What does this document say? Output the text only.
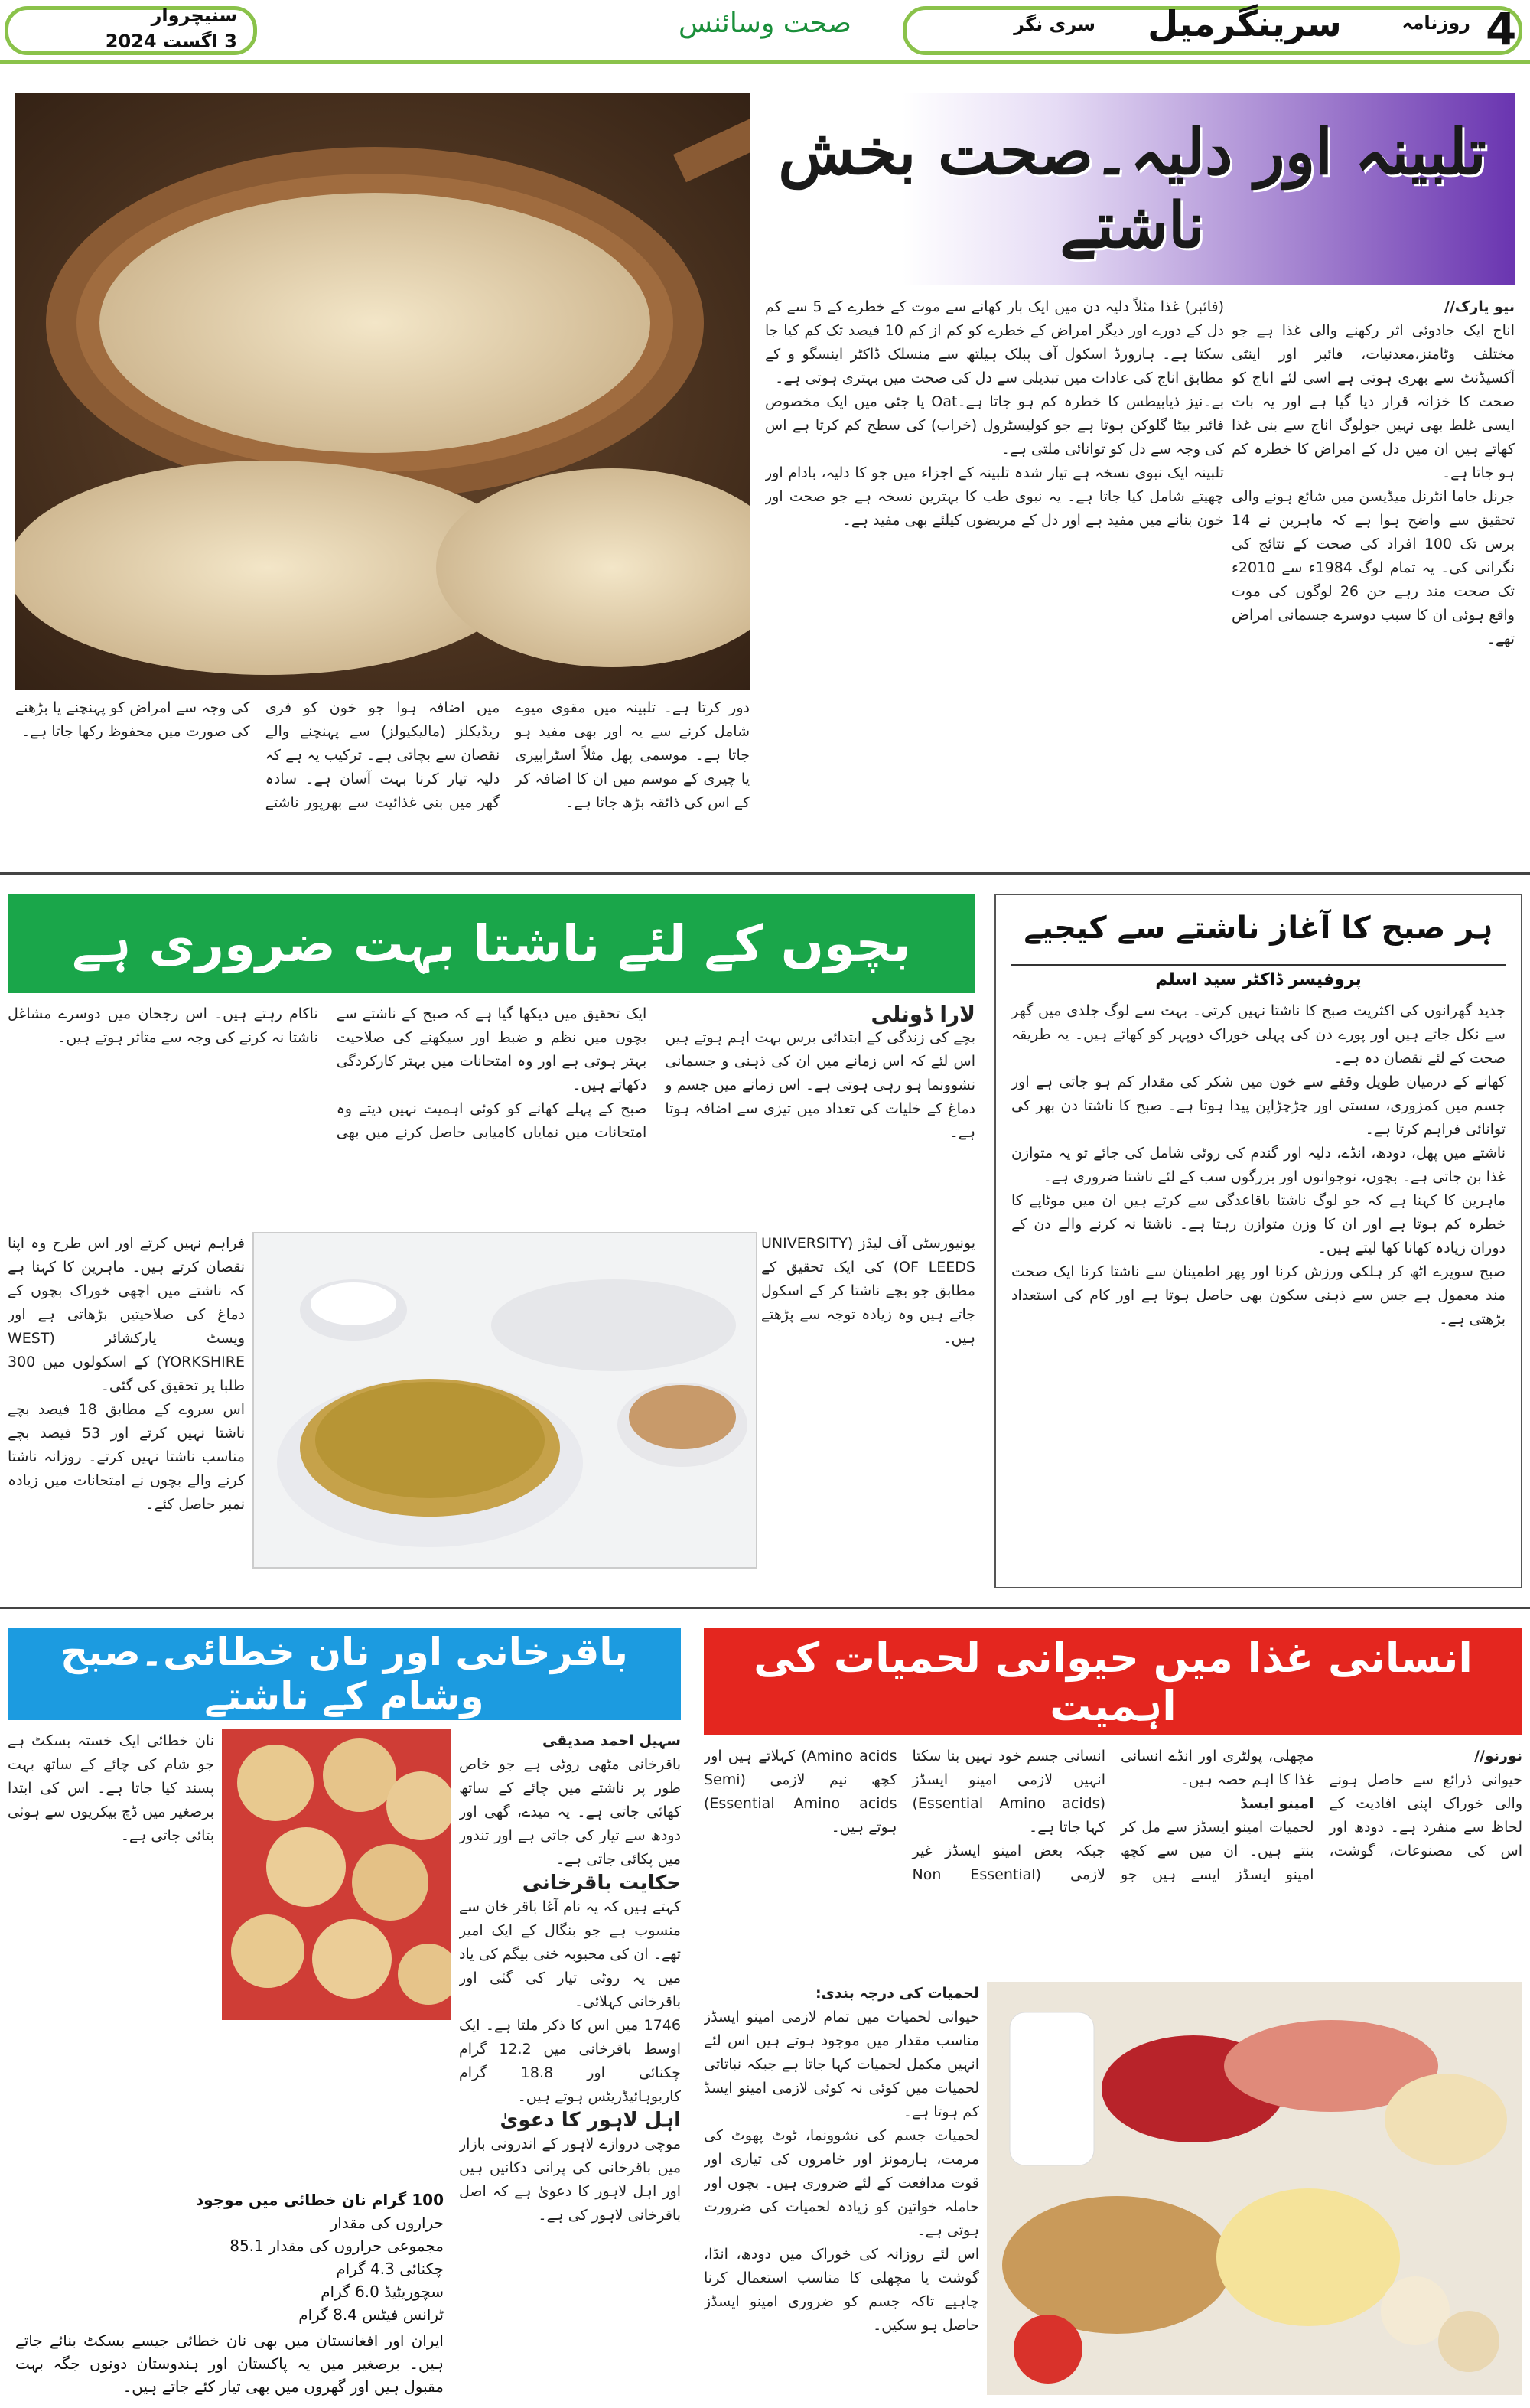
4
روزنامہ
سرینگرمیل
سری نگر
صحت وسائنس
سنیچروار
3 اگست 2024
تلبینہ اور دلیہ۔صحت بخش ناشتے
نیو یارک//
اناج ایک جادوئی اثر رکھنے والی غذا ہے جو مختلف وٹامنز،معدنیات، فائبر اور اینٹی آکسیڈنٹ سے بھری ہوتی ہے اسی لئے اناج کو صحت کا خزانہ قرار دیا گیا ہے اور یہ بات ایسی غلط بھی نہیں جولوگ اناج سے بنی غذا کھاتے ہیں ان میں دل کے امراض کا خطرہ کم ہو جاتا ہے۔
جرنل جاما انٹرنل میڈیسن میں شائع ہونے والی تحقیق سے واضح ہوا ہے کہ ماہرین نے 14 برس تک 100 افراد کی صحت کے نتائج کی نگرانی کی۔ یہ تمام لوگ 1984ء سے 2010ء تک صحت مند رہے جن 26 لوگوں کی موت واقع ہوئی ان کا سبب دوسرے جسمانی امراض تھے۔
(فائبر) غذا مثلاً دلیہ دن میں ایک بار کھانے سے موت کے خطرے کے 5 سے کم دل کے دورے اور دیگر امراض کے خطرے کو کم از کم 10 فیصد تک کم کیا جا سکتا ہے۔ ہارورڈ اسکول آف پبلک ہیلتھ سے منسلک ڈاکٹر اینسگو و کے مطابق اناج کی عادات میں تبدیلی سے دل کی صحت میں بہتری ہوتی ہے۔
بے۔نیز ذیابیطس کا خطرہ کم ہو جاتا ہے۔Oat یا جئی میں ایک مخصوص فائبر بیٹا گلوکن ہوتا ہے جو کولیسٹرول (خراب) کی سطح کم کرتا ہے اس کی وجہ سے دل کو توانائی ملتی ہے۔
تلبینہ ایک نبوی نسخہ ہے تیار شدہ تلبینہ کے اجزاء میں جو کا دلیہ، بادام اور چھیتے شامل کیا جاتا ہے۔ یہ نبوی طب کا بہترین نسخہ ہے جو صحت اور خون بنانے میں مفید ہے اور دل کے مریضوں کیلئے بھی مفید ہے۔
دور کرتا ہے۔ تلبینہ میں مقوی میوے شامل کرنے سے یہ اور بھی مفید ہو جاتا ہے۔ موسمی پھل مثلاً اسٹرابیری یا چیری کے موسم میں ان کا اضافہ کر کے اس کی ذائقہ بڑھ جاتا ہے۔
میں اضافہ ہوا جو خون کو فری ریڈیکلز (مالیکیولز) سے پہنچنے والے نقصان سے بچاتی ہے۔ ترکیب یہ ہے کہ دلیہ تیار کرنا بہت آسان ہے۔ سادہ گھر میں بنی غذائیت سے بھرپور ناشتے کی وجہ سے امراض کو پہنچنے یا بڑھنے کی صورت میں محفوظ رکھا جاتا ہے۔
بچوں کے لئے ناشتا بہت ضروری ہے
لارا ڈونلی
بچے کی زندگی کے ابتدائی برس بہت اہم ہوتے ہیں اس لئے کہ اس زمانے میں ان کی ذہنی و جسمانی نشوونما ہو رہی ہوتی ہے۔ اس زمانے میں جسم و دماغ کے خلیات کی تعداد میں تیزی سے اضافہ ہوتا ہے۔
ایک تحقیق میں دیکھا گیا ہے کہ صبح کے ناشتے سے بچوں میں نظم و ضبط اور سیکھنے کی صلاحیت بہتر ہوتی ہے اور وہ امتحانات میں بہتر کارکردگی دکھاتے ہیں۔
صبح کے پہلے کھانے کو کوئی اہمیت نہیں دیتے وہ امتحانات میں نمایاں کامیابی حاصل کرنے میں بھی ناکام رہتے ہیں۔ اس رجحان میں دوسرے مشاغل ناشتا نہ کرنے کی وجہ سے متاثر ہوتے ہیں۔
یونیورسٹی آف لیڈز (UNIVERSITY OF LEEDS) کی ایک تحقیق کے مطابق جو بچے ناشتا کر کے اسکول جاتے ہیں وہ زیادہ توجہ سے پڑھتے ہیں۔
فراہم نہیں کرتے اور اس طرح وہ اپنا نقصان کرتے ہیں۔ ماہرین کا کہنا ہے کہ ناشتے میں اچھی خوراک بچوں کے دماغ کی صلاحیتیں بڑھاتی ہے اور ویسٹ یارکشائر (WEST YORKSHIRE) کے اسکولوں میں 300 طلبا پر تحقیق کی گئی۔
اس سروے کے مطابق 18 فیصد بچے ناشتا نہیں کرتے اور 53 فیصد بچے مناسب ناشتا نہیں کرتے۔ روزانہ ناشتا کرنے والے بچوں نے امتحانات میں زیادہ نمبر حاصل کئے۔
ہر صبح کا آغاز ناشتے سے کیجیے
پروفیسر ڈاکٹر سید اسلم
جدید گھرانوں کی اکثریت صبح کا ناشتا نہیں کرتی۔ بہت سے لوگ جلدی میں گھر سے نکل جاتے ہیں اور پورے دن کی پہلی خوراک دوپہر کو کھاتے ہیں۔ یہ طریقہ صحت کے لئے نقصان دہ ہے۔
کھانے کے درمیان طویل وقفے سے خون میں شکر کی مقدار کم ہو جاتی ہے اور جسم میں کمزوری، سستی اور چڑچڑاپن پیدا ہوتا ہے۔ صبح کا ناشتا دن بھر کی توانائی فراہم کرتا ہے۔
ناشتے میں پھل، دودھ، انڈے، دلیہ اور گندم کی روٹی شامل کی جائے تو یہ متوازن غذا بن جاتی ہے۔ بچوں، نوجوانوں اور بزرگوں سب کے لئے ناشتا ضروری ہے۔
ماہرین کا کہنا ہے کہ جو لوگ ناشتا باقاعدگی سے کرتے ہیں ان میں موٹاپے کا خطرہ کم ہوتا ہے اور ان کا وزن متوازن رہتا ہے۔ ناشتا نہ کرنے والے دن کے دوران زیادہ کھانا کھا لیتے ہیں۔
صبح سویرے اٹھ کر ہلکی ورزش کرنا اور پھر اطمینان سے ناشتا کرنا ایک صحت مند معمول ہے جس سے ذہنی سکون بھی حاصل ہوتا ہے اور کام کی استعداد بڑھتی ہے۔
انسانی غذا میں حیوانی لحمیات کی اہمیت
نورنو//
حیوانی ذرائع سے حاصل ہونے والی خوراک اپنی افادیت کے لحاظ سے منفرد ہے۔ دودھ اور اس کی مصنوعات، گوشت، مچھلی، پولٹری اور انڈے انسانی غذا کا اہم حصہ ہیں۔
امینو ایسڈ
لحمیات امینو ایسڈز سے مل کر بنتے ہیں۔ ان میں سے کچھ امینو ایسڈز ایسے ہیں جو انسانی جسم خود نہیں بنا سکتا انہیں لازمی امینو ایسڈز (Essential Amino acids) کہا جاتا ہے۔
جبکہ بعض امینو ایسڈز غیر لازمی (Non Essential Amino acids) کہلاتے ہیں اور کچھ نیم لازمی (Semi Essential Amino acids) ہوتے ہیں۔
لحمیات کی درجہ بندی:
حیوانی لحمیات میں تمام لازمی امینو ایسڈز مناسب مقدار میں موجود ہوتے ہیں اس لئے انہیں مکمل لحمیات کہا جاتا ہے جبکہ نباتاتی لحمیات میں کوئی نہ کوئی لازمی امینو ایسڈ کم ہوتا ہے۔
لحمیات جسم کی نشوونما، ٹوٹ پھوٹ کی مرمت، ہارمونز اور خامروں کی تیاری اور قوت مدافعت کے لئے ضروری ہیں۔ بچوں اور حاملہ خواتین کو زیادہ لحمیات کی ضرورت ہوتی ہے۔
اس لئے روزانہ کی خوراک میں دودھ، انڈا، گوشت یا مچھلی کا مناسب استعمال کرنا چاہیے تاکہ جسم کو ضروری امینو ایسڈز حاصل ہو سکیں۔
باقرخانی اور نان خطائی۔صبح وشام کے ناشتے
سہیل احمد صدیقی
باقرخانی مٹھی روٹی ہے جو خاص طور پر ناشتے میں چائے کے ساتھ کھائی جاتی ہے۔ یہ میدے، گھی اور دودھ سے تیار کی جاتی ہے اور تندور میں پکائی جاتی ہے۔
حکایت باقرخانی
کہتے ہیں کہ یہ نام آغا باقر خان سے منسوب ہے جو بنگال کے ایک امیر تھے۔ ان کی محبوبہ خنی بیگم کی یاد میں یہ روٹی تیار کی گئی اور باقرخانی کہلائی۔
1746 میں اس کا ذکر ملتا ہے۔ ایک اوسط باقرخانی میں 12.2 گرام چکنائی اور 18.8 گرام کاربوہائیڈریٹس ہوتے ہیں۔
اہل لاہور کا دعویٰ
موچی دروازے لاہور کے اندرونی بازار میں باقرخانی کی پرانی دکانیں ہیں اور اہل لاہور کا دعویٰ ہے کہ اصل باقرخانی لاہور کی ہے۔
نان خطائی ایک خستہ بسکٹ ہے جو شام کی چائے کے ساتھ بہت پسند کیا جاتا ہے۔ اس کی ابتدا برصغیر میں ڈچ بیکریوں سے ہوئی بتائی جاتی ہے۔
100 گرام نان خطائی میں موجود
حراروں کی مقدار
مجموعی حراروں کی مقدار 85.1
چکنائی 4.3 گرام
سچوریٹیڈ 6.0 گرام
ٹرانس فیٹس 8.4 گرام
ایران اور افغانستان میں بھی نان خطائی جیسے بسکٹ بنائے جاتے ہیں۔ برصغیر میں یہ پاکستان اور ہندوستان دونوں جگہ بہت مقبول ہیں اور گھروں میں بھی تیار کئے جاتے ہیں۔
